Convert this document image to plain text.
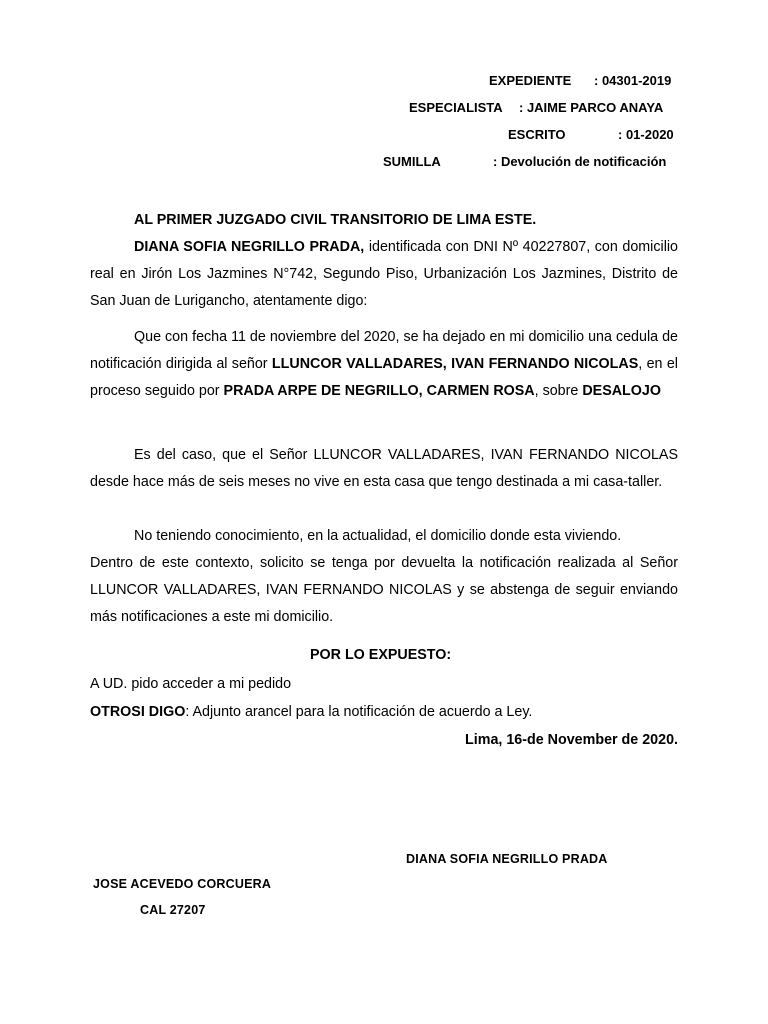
EXPEDIENTE : 04301-2019
ESPECIALISTA : JAIME PARCO ANAYA
ESCRITO	: 01-2020
SUMILLA	: Devolución de notificación
AL PRIMER JUZGADO CIVIL TRANSITORIO DE LIMA ESTE.
DIANA SOFIA NEGRILLO PRADA, identificada con DNI Nº 40227807, con domicilio real en Jirón Los Jazmines N°742, Segundo Piso, Urbanización Los Jazmines, Distrito de San Juan de Lurigancho, atentamente digo:
Que con fecha 11 de noviembre del 2020, se ha dejado en mi domicilio una cedula de notificación dirigida al señor LLUNCOR VALLADARES, IVAN FERNANDO NICOLAS, en el proceso seguido por PRADA ARPE DE NEGRILLO, CARMEN ROSA, sobre DESALOJO
Es del caso, que el Señor LLUNCOR VALLADARES, IVAN FERNANDO NICOLAS desde hace más de seis meses no vive en esta casa que tengo destinada a mi casa-taller.
No teniendo conocimiento, en la actualidad, el domicilio donde esta viviendo.
Dentro de este contexto, solicito se tenga por devuelta la notificación realizada al Señor LLUNCOR VALLADARES, IVAN FERNANDO NICOLAS y se abstenga de seguir enviando más notificaciones a este mi domicilio.
POR LO EXPUESTO:
A UD. pido acceder a mi pedido
OTROSI DIGO: Adjunto arancel para la notificación de acuerdo a Ley.
Lima, 16-de November de 2020.
DIANA SOFIA NEGRILLO PRADA
JOSE ACEVEDO CORCUERA
CAL 27207
